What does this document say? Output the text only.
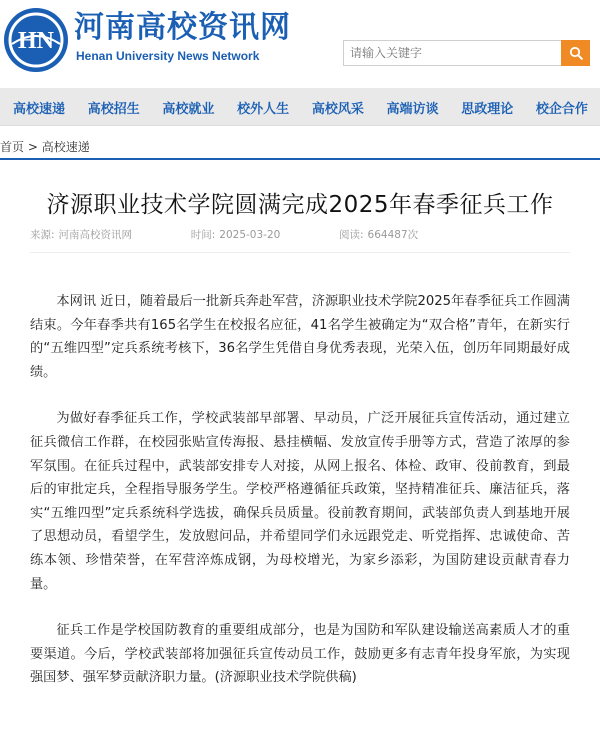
HN 河南高校资讯网
Henan University News Network
请输入关键字
高校速递 高校招生 高校就业 校外人生 高校风采 高端访谈 思政理论 校企合作
首页 > 高校速递
济源职业技术学院圆满完成2025年春季征兵工作
来源: 河南高校资讯网	时间: 2025-03-20	阅读: 664487次

本网讯 近日，随着最后一批新兵奔赴军营，济源职业技术学院2025年春季征兵工作圆满结束。今年春季共有165名学生在校报名应征，41名学生被确定为“双合格”青年，在新实行的“五维四型”定兵系统考核下，36名学生凭借自身优秀表现，光荣入伍，创历年同期最好成绩。

为做好春季征兵工作，学校武装部早部署、早动员，广泛开展征兵宣传活动，通过建立征兵微信工作群，在校园张贴宣传海报、悬挂横幅、发放宣传手册等方式，营造了浓厚的参军氛围。在征兵过程中，武装部安排专人对接，从网上报名、体检、政审、役前教育，到最后的审批定兵，全程指导服务学生。学校严格遵循征兵政策，坚持精准征兵、廉洁征兵，落实“五维四型”定兵系统科学选拔，确保兵员质量。役前教育期间，武装部负责人到基地开展了思想动员，看望学生，发放慰问品，并希望同学们永远跟党走、听党指挥、忠诚使命、苦练本领、珍惜荣誉，在军营淬炼成钢，为母校增光，为家乡添彩，为国防建设贡献青春力量。

征兵工作是学校国防教育的重要组成部分，也是为国防和军队建设输送高素质人才的重要渠道。今后，学校武装部将加强征兵宣传动员工作，鼓励更多有志青年投身军旅，为实现强国梦、强军梦贡献济职力量。(济源职业技术学院供稿)
